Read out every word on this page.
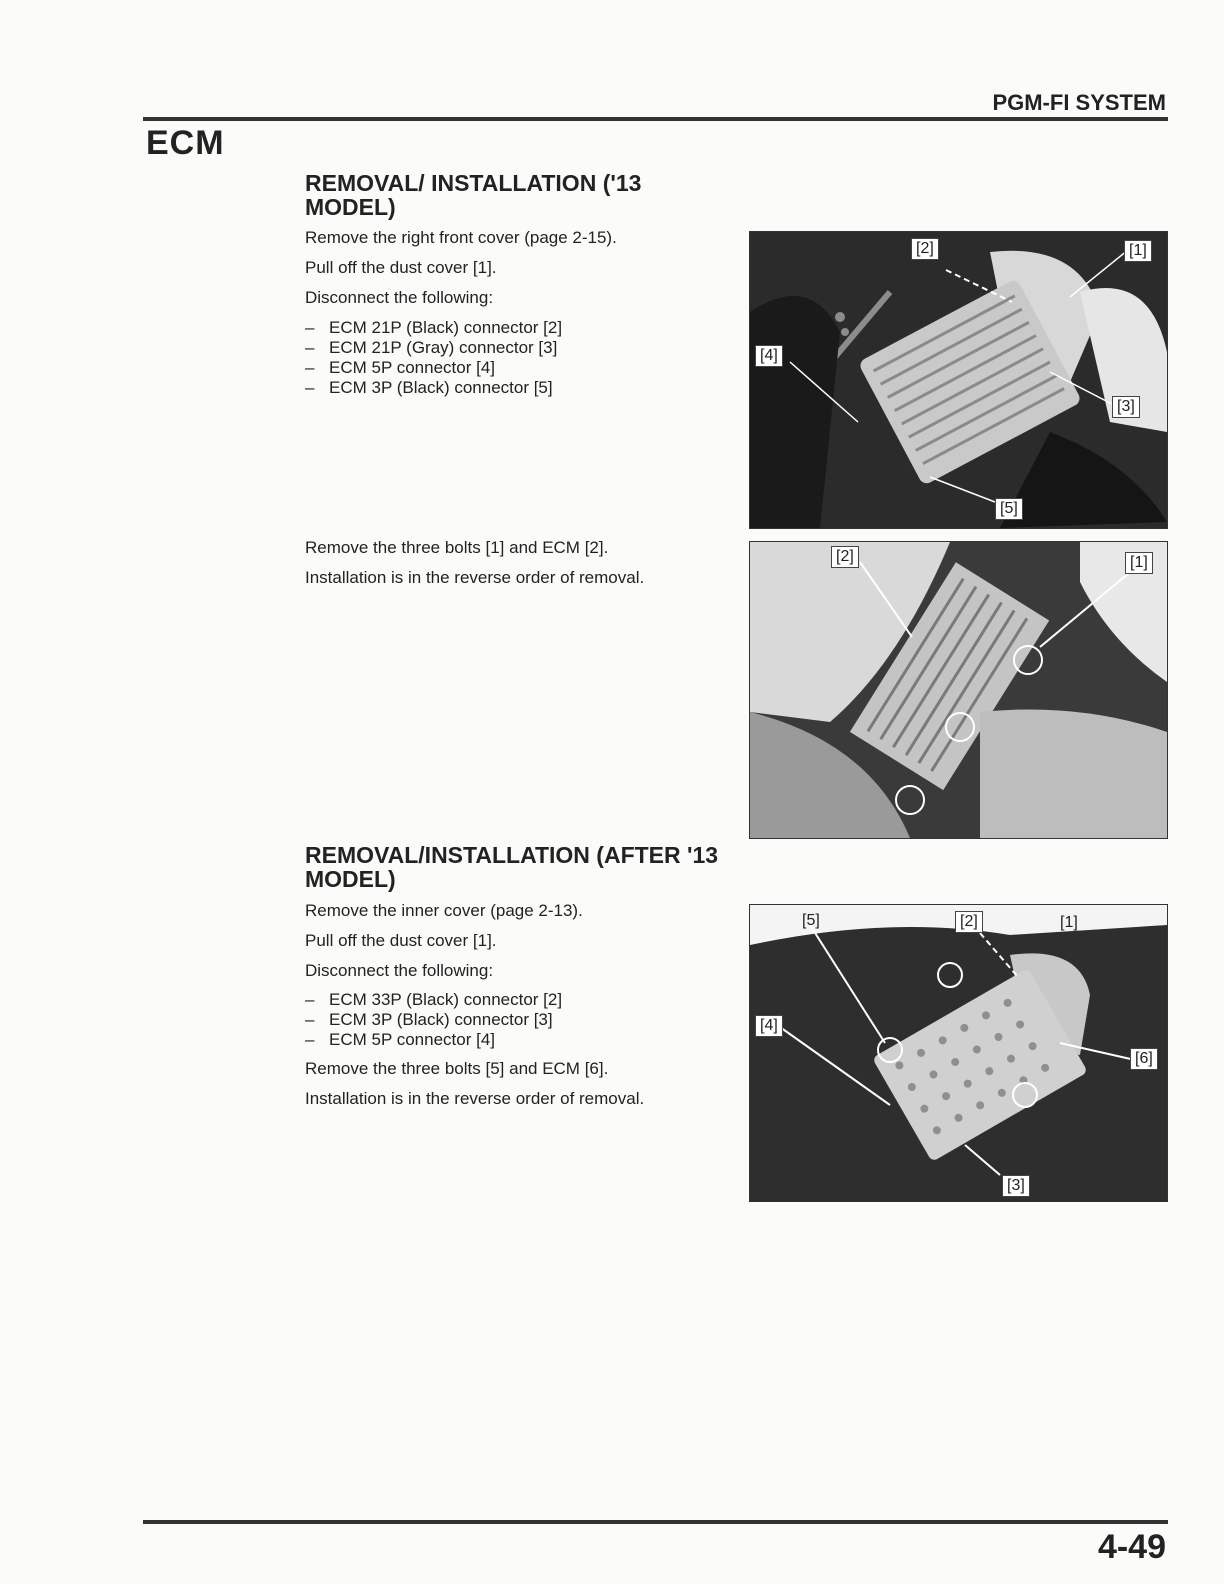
PGM-FI SYSTEM
ECM
REMOVAL/ INSTALLATION ('13 MODEL)
Remove the right front cover (page 2-15).
Pull off the dust cover [1].
Disconnect the following:
– ECM 21P (Black) connector [2]
– ECM 21P (Gray) connector [3]
– ECM 5P connector [4]
– ECM 3P (Black) connector [5]
Remove the three bolts [1] and ECM [2].
Installation is in the reverse order of removal.
[2]	[1]
[4]
[3]
[5]
[2]	[1]
REMOVAL/INSTALLATION (AFTER '13 MODEL)
Remove the inner cover (page 2-13).
Pull off the dust cover [1].
Disconnect the following:
– ECM 33P (Black) connector [2]
– ECM 3P (Black) connector [3]
– ECM 5P connector [4]
Remove the three bolts [5] and ECM [6].
Installation is in the reverse order of removal.
[5]	[2]	[1]
[4]
[6]
[3]
4-49
